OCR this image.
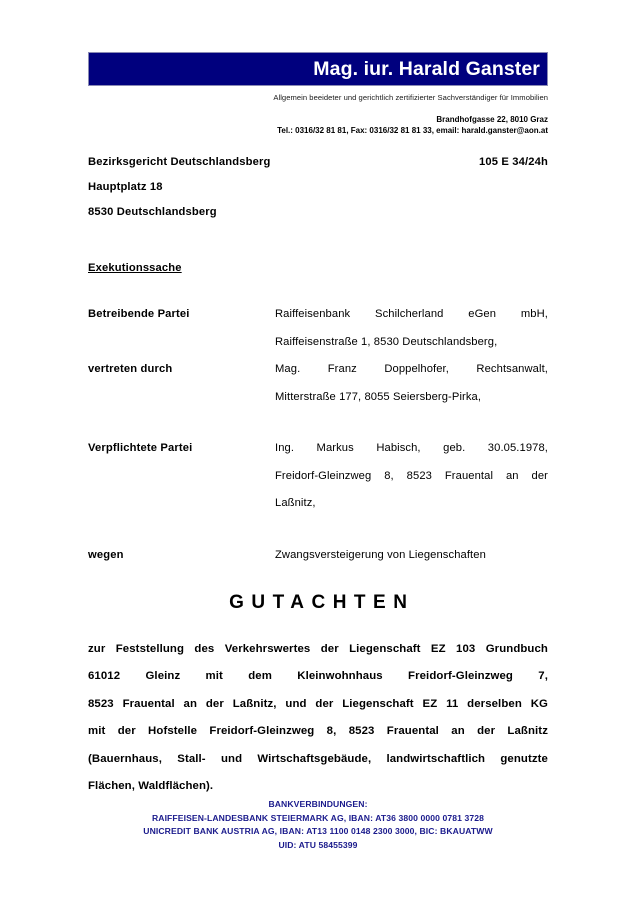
Mag. iur. Harald Ganster
Allgemein beeideter und gerichtlich zertifizierter Sachverständiger für Immobilien
Brandhofgasse 22, 8010 Graz
Tel.: 0316/32 81 81, Fax: 0316/32 81 81 33, email: harald.ganster@aon.at
Bezirksgericht Deutschlandsberg	105 E 34/24h
Hauptplatz 18
8530 Deutschlandsberg
Exekutionssache
Betreibende Partei	Raiffeisenbank Schilcherland eGen mbH,
Raiffeisenstraße 1, 8530 Deutschlandsberg,
vertreten durch	Mag. Franz Doppelhofer, Rechtsanwalt,
Mitterstraße 177, 8055 Seiersberg-Pirka,
Verpflichtete Partei	Ing. Markus Habisch, geb. 30.05.1978,
Freidorf-Gleinzweg 8, 8523 Frauental an der
Laßnitz,
wegen	Zwangsversteigerung von Liegenschaften
GUTACHTEN
zur Feststellung des Verkehrswertes der Liegenschaft EZ 103 Grundbuch
61012 Gleinz mit dem Kleinwohnhaus Freidorf-Gleinzweg 7,
8523 Frauental an der Laßnitz, und der Liegenschaft EZ 11 derselben KG
mit der Hofstelle Freidorf-Gleinzweg 8, 8523 Frauental an der Laßnitz
(Bauernhaus, Stall- und Wirtschaftsgebäude, landwirtschaftlich genutzte
Flächen, Waldflächen).
BANKVERBINDUNGEN:
RAIFFEISEN-LANDESBANK STEIERMARK AG, IBAN: AT36 3800 0000 0781 3728
UNICREDIT BANK AUSTRIA AG, IBAN: AT13 1100 0148 2300 3000, BIC: BKAUATWW
UID: ATU 58455399
